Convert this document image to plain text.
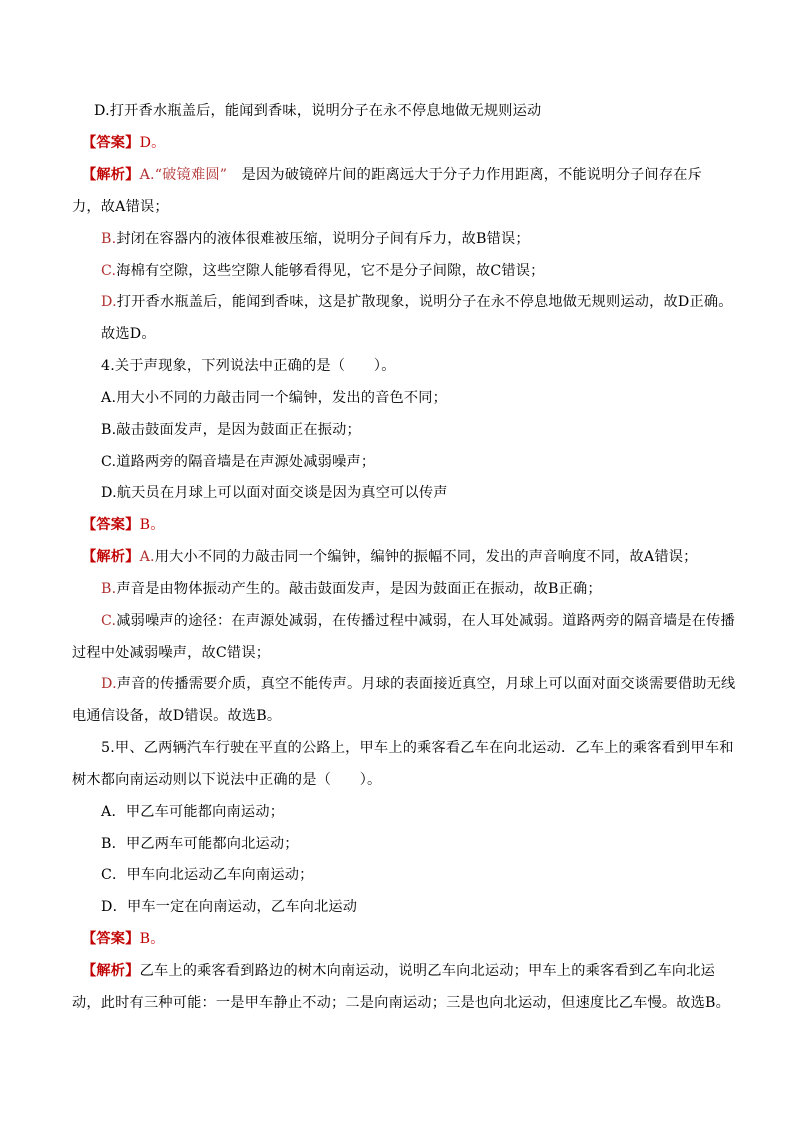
D.打开香水瓶盖后，能闻到香味，说明分子在永不停息地做无规则运动
【答案】D。
【解析】A.“破镜难圆”　是因为破镜碎片间的距离远大于分子力作用距离，不能说明分子间存在斥
力，故A错误；
B.封闭在容器内的液体很难被压缩，说明分子间有斥力，故B错误；
C.海棉有空隙，这些空隙人能够看得见，它不是分子间隙，故C错误；
D.打开香水瓶盖后，能闻到香味，这是扩散现象，说明分子在永不停息地做无规则运动，故D正确。
故选D。
4.关于声现象，下列说法中正确的是（　　）。
A.用大小不同的力敲击同一个编钟，发出的音色不同；
B.敲击鼓面发声，是因为鼓面正在振动；
C.道路两旁的隔音墙是在声源处减弱噪声；
D.航天员在月球上可以面对面交谈是因为真空可以传声
【答案】B。
【解析】A.用大小不同的力敲击同一个编钟，编钟的振幅不同，发出的声音响度不同，故A错误；
B.声音是由物体振动产生的。敲击鼓面发声，是因为鼓面正在振动，故B正确；
C.减弱噪声的途径：在声源处减弱，在传播过程中减弱，在人耳处减弱。道路两旁的隔音墙是在传播
过程中处减弱噪声，故C错误；
D.声音的传播需要介质，真空不能传声。月球的表面接近真空，月球上可以面对面交谈需要借助无线
电通信设备，故D错误。故选B。
5.甲、乙两辆汽车行驶在平直的公路上，甲车上的乘客看乙车在向北运动．乙车上的乘客看到甲车和
树木都向南运动则以下说法中正确的是（　　）。
A．甲乙车可能都向南运动；
B．甲乙两车可能都向北运动；
C．甲车向北运动乙车向南运动；
D．甲车一定在向南运动，乙车向北运动
【答案】B。
【解析】乙车上的乘客看到路边的树木向南运动，说明乙车向北运动；甲车上的乘客看到乙车向北运
动，此时有三种可能：一是甲车静止不动；二是向南运动；三是也向北运动，但速度比乙车慢。故选B。
